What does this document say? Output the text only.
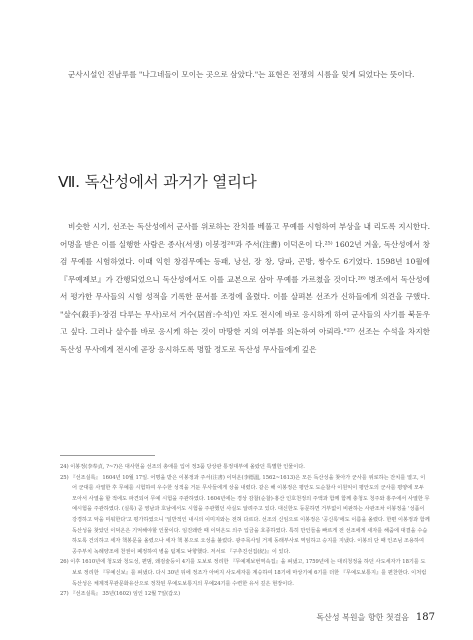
군사시설인 진남루를 "나그네들이 모이는 곳으로 삼았다."는 표현은 전쟁의 시름을 잊게 되었다는 뜻이다.

Ⅶ. 독산성에서 과거가 열리다

비슷한 시기, 선조는 독산성에서 군사를 위로하는 잔치를 베풀고 무예를 시험하여 부상을 내 리도록 지시한다. 어명을 받은 이를 실행한 사람은 종사(서생) 이봉정²⁴⁾과 주서(注書) 이덕온이 다.²⁵⁾ 1602년 겨울, 독산성에서 창검 무예를 시험하였다. 이때 익힌 창검무예는 등패, 낭선, 장 창, 당파, 곤방, 쌍수도 6기였다. 1598년 10월에 『무예제보』가 간행되었으니 독산성에서도 이를 교본으로 삼아 무예를 가르쳤을 것이다.²⁶⁾ 병조에서 독산성에서 평가한 무사들의 시험 성적을 기록한 문서를 조정에 올렸다. 이를 살펴본 선조가 신하들에게 의견을 구했다. "살수(殺手)·장검 다루는 무사)로서 거수(居首:수석)인 자도 전시에 바로 응시하게 하여 군사들의 사기를 북돋우 고 싶다. 그러나 살수를 바로 응시케 하는 것이 마땅한 지의 여부를 의논하여 아뢰라."²⁷⁾ 선조는 수석을 차지한 독산성 무사에게 전시에 곧장 응시하도록 명할 정도로 독산성 무사들에게 깊은

24) 이봉정(李奉貞, ?~?)은 대사헌을 선조의 총애를 입어 정3품 당상관 통정대부에 올랐던 특별한 인물이다.

25) 『선조실록』 1604년 10월 17일. 어명을 받은 이봉정과 주서(注書) 이덕온(李德溫, 1562~1613)은 모든 독산성을 찾아가 군사를 위로하는 잔치를 열고, 이어 군대를 사열한 후 무예를 시험하여 우수한 성적을 거둔 무사들에게 상을 내렸다. 같은 해 이봉정은 평안도 도순찰사 이원익이 평안도의 군사를 평양에 모두 모아서 사열을 할 적에도 파견되어 무예 시험을 주관하였다. 1604년에는 경상 감찰(순찰)·홍산 인호천정의 주액과 함께 함께 충청도 청주와 홍주에서 사열한 무예시험을 주관하였다. (실록) 곧 영남과 호남에서도 시험을 주관했던 사실도 알려주고 있다. 대신한도 등문하면 거부없이 비판하는 사관조차 이봉정을 '성품이 강경하고 악을 미워한다'고 평가하였으니 '일반적인 내시의 이미지와는 전혀 다르다. 선조의 신임으로 이봉정은 '공신록'에도 이름을 올렸다. 한편 이봉정과 함께 독산성을 찾았던 이덕온은 기억해야할 인물이다. 임진왜란 때 이덕온도 의주 입금을 호종하였다. 특히 만인들을 빠르게 전 선조에게 새자를 해줌에 대결을 수습하도록 건의하고 세자 책봉문을 올렸으나 세자 책 봉으로 오성을 불렀다. 광주목사일 거제 동래부사로 역임하고 승지를 지냈다. 이봉의 단 때 인조님 조용하여 공주부치 녹례양조에 천권이 폐정하여 병을 팀제도 낙향했다. 저서로 『구추진선집(紀)』이 있다.

26) 이후 1610년에 청도와 청도성, 편범, 왜검술등이 4기를 도보로 정리한 『무예제보번역속집』을 펴냈고, 1759년에 는 대리청정을 하던 사도세자가 18기를 도보로 정리한 『무예신보』를 펴냈다. 다시 30년 뒤에 정조가 아버지 사도세자를 계승하여 18기에 마상기예 6기를 더한 『무예도보통지』를 편찬한다. 이처럼 독산성은 체계적무관문화유산으로 정착된 무예도보통지의 무예24기를 수련한 유서 깊은 현장이다.

27) 『선조실록』 35년(1602) 임인 12월 7일(갑오)

독산성 복원을 향한 첫걸음 187
